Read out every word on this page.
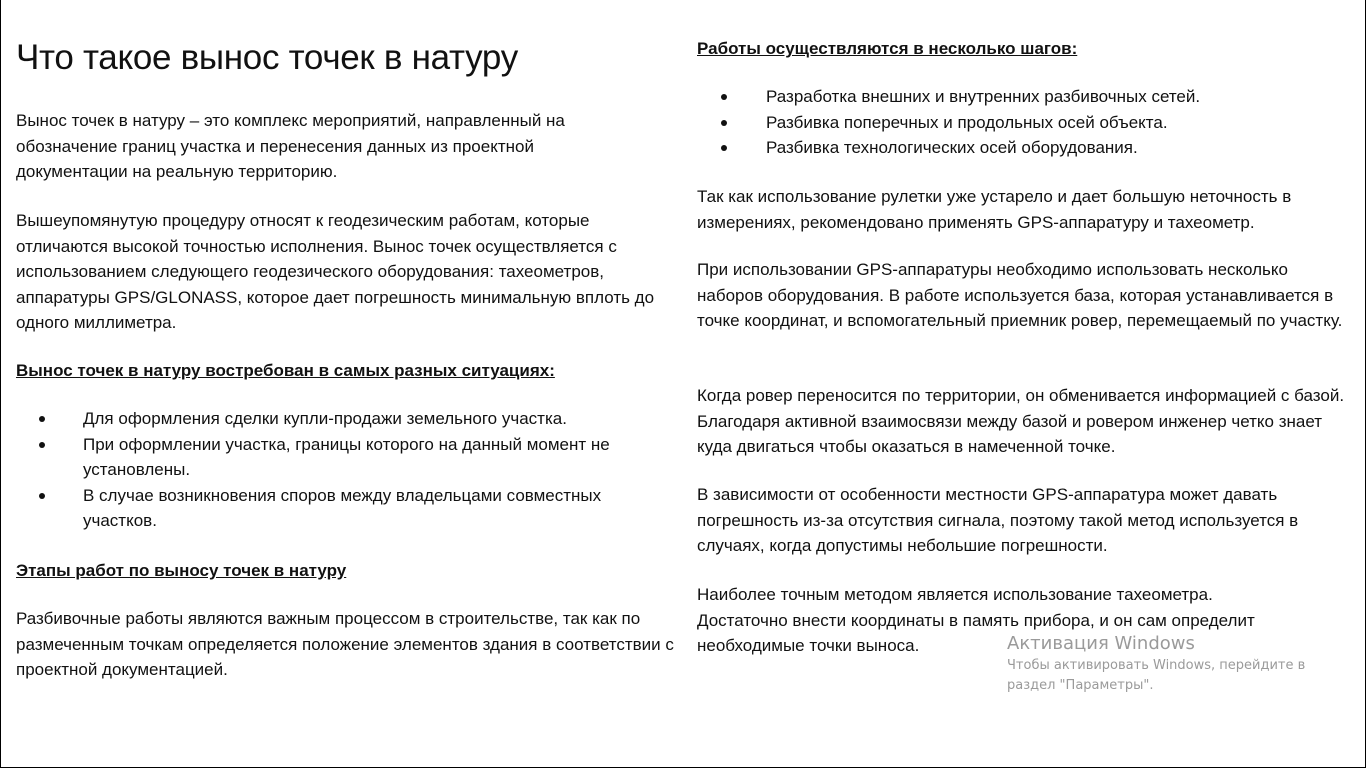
Что такое вынос точек в натуру

Вынос точек в натуру – это комплекс мероприятий, направленный на обозначение границ участка и перенесения данных из проектной документации на реальную территорию.

Вышеупомянутую процедуру относят к геодезическим работам, которые отличаются высокой точностью исполнения. Вынос точек осуществляется с использованием следующего геодезического оборудования: тахеометров, аппаратуры GPS/GLONASS, которое дает погрешность минимальную вплоть до одного миллиметра.

Вынос точек в натуру востребован в самых разных ситуациях:
Для оформления сделки купли-продажи земельного участка.
При оформлении участка, границы которого на данный момент не установлены.
В случае возникновения споров между владельцами совместных участков.
Этапы работ по выносу точек в натуру

Разбивочные работы являются важным процессом в строительстве, так как по размеченным точкам определяется положение элементов здания в соответствии с проектной документацией.

Работы осуществляются в несколько шагов:
Разработка внешних и внутренних разбивочных сетей.
Разбивка поперечных и продольных осей объекта.
Разбивка технологических осей оборудования.

Так как использование рулетки уже устарело и дает большую неточность в измерениях, рекомендовано применять GPS-аппаратуру и тахеометр.

При использовании GPS-аппаратуры необходимо использовать несколько наборов оборудования. В работе используется база, которая устанавливается в точке координат, и вспомогательный приемник ровер, перемещаемый по участку.

Когда ровер переносится по территории, он обменивается информацией с базой. Благодаря активной взаимосвязи между базой и ровером инженер четко знает куда двигаться чтобы оказаться в намеченной точке.

В зависимости от особенности местности GPS-аппаратура может давать погрешность из-за отсутствия сигнала, поэтому такой метод используется в случаях, когда допустимы небольшие погрешности.

Наиболее точным методом является использование тахеометра. Достаточно внести координаты в память прибора, и он сам определит необходимые точки выноса.	Активация Windows
Чтобы активировать Windows, перейдите в раздел "Параметры".
